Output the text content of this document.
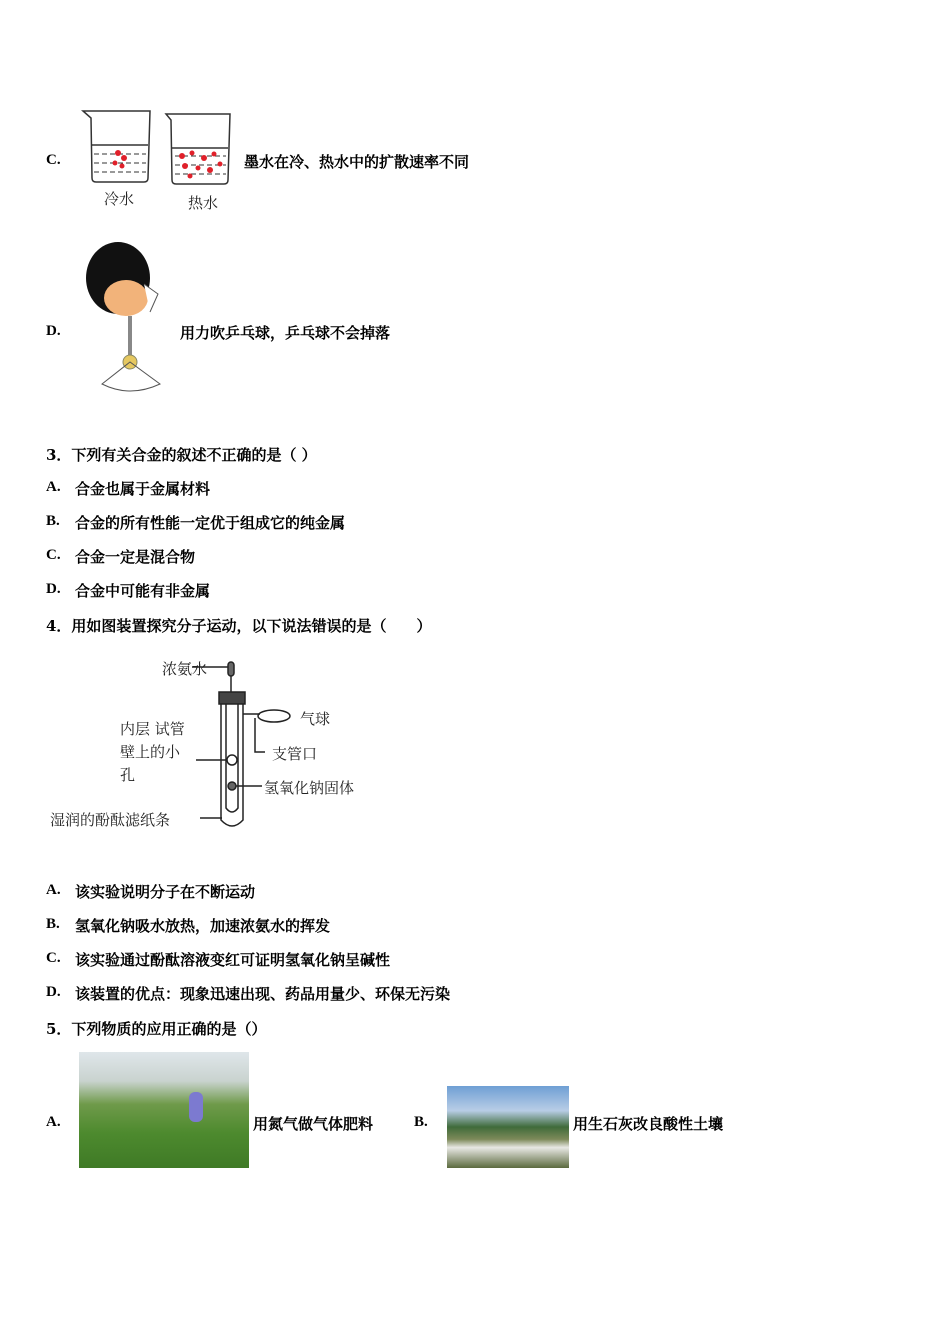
C.
冷水	热水
墨水在冷、热水中的扩散速率不同
D.	用力吹乒乓球，乒乓球不会掉落
3．下列有关合金的叙述不正确的是（ ）
A. 合金也属于金属材料
B. 合金的所有性能一定优于组成它的纯金属
C. 合金一定是混合物
D. 合金中可能有非金属
4．用如图装置探究分子运动，以下说法错误的是（　　）
浓氨水
气球
内层 试管
壁上的小
孔
支管口
氢氧化钠固体
湿润的酚酞滤纸条
A. 该实验说明分子在不断运动
B. 氢氧化钠吸水放热，加速浓氨水的挥发
C. 该实验通过酚酞溶液变红可证明氢氧化钠呈碱性
D. 该装置的优点：现象迅速出现、药品用量少、环保无污染
5．下列物质的应用正确的是（）
A.	用氮气做气体肥料	B.	用生石灰改良酸性土壤
